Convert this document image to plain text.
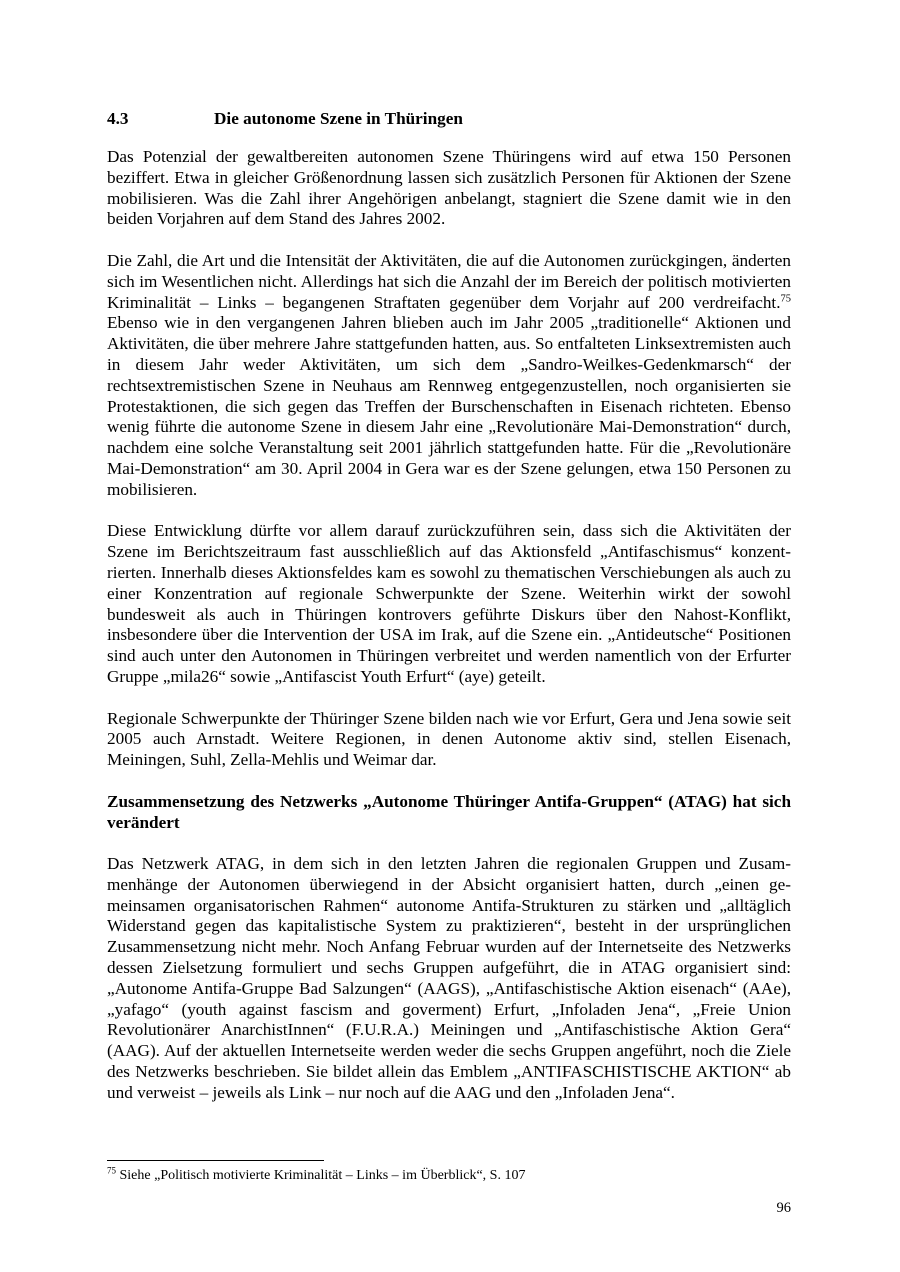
4.3	Die autonome Szene in Thüringen

Das Potenzial der gewaltbereiten autonomen Szene Thüringens wird auf etwa 150 Personen beziffert. Etwa in gleicher Größenordnung lassen sich zusätzlich Personen für Aktionen der Szene mobilisieren. Was die Zahl ihrer Angehörigen anbelangt, stagniert die Szene damit wie in den beiden Vorjahren auf dem Stand des Jahres 2002.

Die Zahl, die Art und die Intensität der Aktivitäten, die auf die Autonomen zurückgingen, änderten sich im Wesentlichen nicht. Allerdings hat sich die Anzahl der im Bereich der politisch motivierten Kriminalität – Links – begangenen Straftaten gegenüber dem Vorjahr auf 200 verdreifacht.$^{75}$ Ebenso wie in den vergangenen Jahren blieben auch im Jahr 2005 „traditionelle“ Aktionen und Aktivitäten, die über mehrere Jahre stattgefunden hatten, aus. So entfalteten Linksextremisten auch in diesem Jahr weder Aktivitäten, um sich dem „Sandro-Weilkes-Gedenkmarsch“ der rechtsextremistischen Szene in Neuhaus am Rennweg entgegenzustellen, noch organisierten sie Protestaktionen, die sich gegen das Treffen der Burschenschaften in Eisenach richteten. Ebenso wenig führte die autonome Szene in diesem Jahr eine „Revolutionäre Mai-Demonstration“ durch, nachdem eine solche Veranstaltung seit 2001 jährlich stattgefunden hatte. Für die „Revolutionäre Mai-Demonstration“ am 30. April 2004 in Gera war es der Szene gelungen, etwa 150 Personen zu mobilisieren.

Diese Entwicklung dürfte vor allem darauf zurückzuführen sein, dass sich die Aktivitäten der Szene im Berichtszeitraum fast ausschließlich auf das Aktionsfeld „Antifaschismus“ konzentrierten. Innerhalb dieses Aktionsfeldes kam es sowohl zu thematischen Verschiebungen als auch zu einer Konzentration auf regionale Schwerpunkte der Szene. Weiterhin wirkt der sowohl bundesweit als auch in Thüringen kontrovers geführte Diskurs über den Nahost-Konflikt, insbesondere über die Intervention der USA im Irak, auf die Szene ein. „Antideutsche“ Positionen sind auch unter den Autonomen in Thüringen verbreitet und werden namentlich von der Erfurter Gruppe „mila26“ sowie „Antifascist Youth Erfurt“ (aye) geteilt.

Regionale Schwerpunkte der Thüringer Szene bilden nach wie vor Erfurt, Gera und Jena sowie seit 2005 auch Arnstadt. Weitere Regionen, in denen Autonome aktiv sind, stellen Eisenach, Meiningen, Suhl, Zella-Mehlis und Weimar dar.

Zusammensetzung des Netzwerks „Autonome Thüringer Antifa-Gruppen“ (ATAG) hat sich verändert

Das Netzwerk ATAG, in dem sich in den letzten Jahren die regionalen Gruppen und Zusammenhänge der Autonomen überwiegend in der Absicht organisiert hatten, durch „einen gemeinsamen organisatorischen Rahmen“ autonome Antifa-Strukturen zu stärken und „alltäglich Widerstand gegen das kapitalistische System zu praktizieren“, besteht in der ursprünglichen Zusammensetzung nicht mehr. Noch Anfang Februar wurden auf der Internetseite des Netzwerks dessen Zielsetzung formuliert und sechs Gruppen aufgeführt, die in ATAG organisiert sind: „Autonome Antifa-Gruppe Bad Salzungen“ (AAGS), „Antifaschistische Aktion eisenach“ (AAe), „yafago“ (youth against fascism and goverment) Erfurt, „Infoladen Jena“, „Freie Union Revolutionärer AnarchistInnen“ (F.U.R.A.) Meiningen und „Antifaschistische Aktion Gera“ (AAG). Auf der aktuellen Internetseite werden weder die sechs Gruppen angeführt, noch die Ziele des Netzwerks beschrieben. Sie bildet allein das Emblem „ANTIFASCHISTISCHE AKTION“ ab und verweist – jeweils als Link – nur noch auf die AAG und den „Infoladen Jena“.

$^{75}$ Siehe „Politisch motivierte Kriminalität – Links – im Überblick“, S. 107
96
